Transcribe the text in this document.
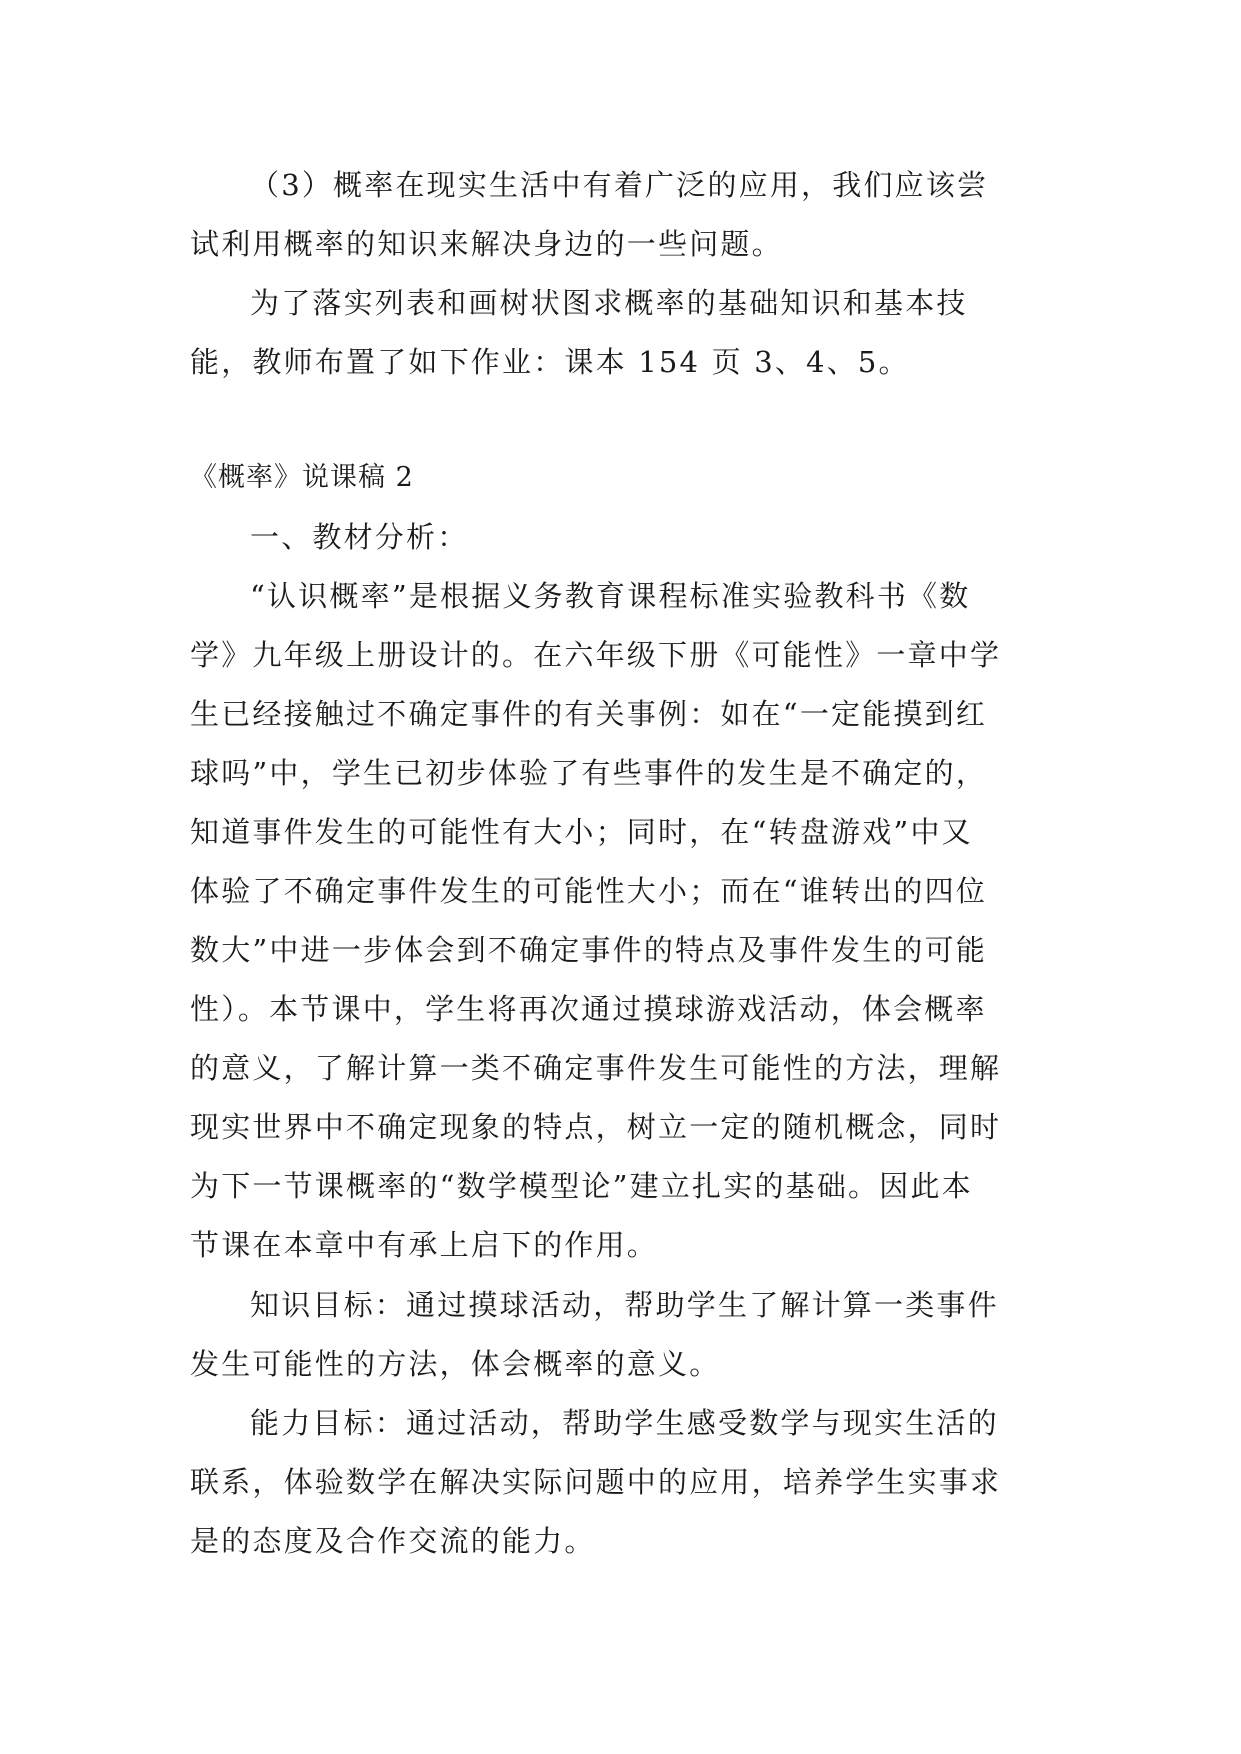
（3）概率在现实生活中有着广泛的应用，我们应该尝
试利用概率的知识来解决身边的一些问题。
为了落实列表和画树状图求概率的基础知识和基本技
能，教师布置了如下作业：课本 154 页 3、4、5。
《概率》说课稿 2
一、教材分析：
“认识概率”是根据义务教育课程标准实验教科书《数
学》九年级上册设计的。在六年级下册《可能性》一章中学
生已经接触过不确定事件的有关事例：如在“一定能摸到红
球吗”中，学生已初步体验了有些事件的发生是不确定的，
知道事件发生的可能性有大小；同时，在“转盘游戏”中又
体验了不确定事件发生的可能性大小；而在“谁转出的四位
数大”中进一步体会到不确定事件的特点及事件发生的可能
性）。本节课中，学生将再次通过摸球游戏活动，体会概率
的意义，了解计算一类不确定事件发生可能性的方法，理解
现实世界中不确定现象的特点，树立一定的随机概念，同时
为下一节课概率的“数学模型论”建立扎实的基础。因此本
节课在本章中有承上启下的作用。
知识目标：通过摸球活动，帮助学生了解计算一类事件
发生可能性的方法，体会概率的意义。
能力目标：通过活动，帮助学生感受数学与现实生活的
联系，体验数学在解决实际问题中的应用，培养学生实事求
是的态度及合作交流的能力。
